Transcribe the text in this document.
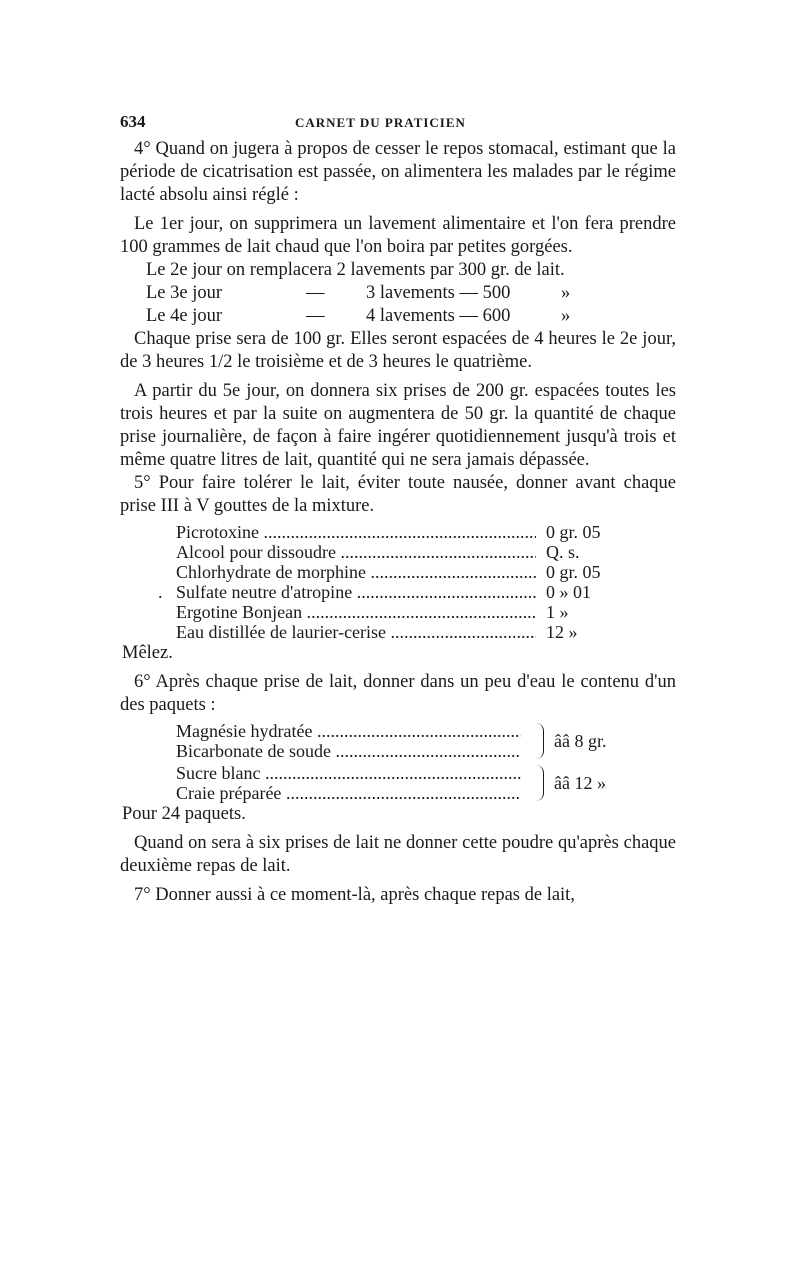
634	CARNET DU PRATICIEN

4° Quand on jugera à propos de cesser le repos stomacal, estimant que la période de cicatrisation est passée, on alimentera les malades par le régime lacté absolu ainsi réglé :

Le 1er jour, on supprimera un lavement alimentaire et l'on fera prendre 100 grammes de lait chaud que l'on boira par petites gorgées.

Le 2e jour
on remplacera 2 lavements par 300 gr.
de lait.
Le 3e jour	—	3 lavements — 500	»
Le 4e jour	—	4 lavements — 600	»

Chaque prise sera de 100 gr. Elles seront espacées de 4 heures le 2e jour, de 3 heures 1/2 le troisième et de 3 heures le quatrième.

A partir du 5e jour, on donnera six prises de 200 gr. espacées toutes les trois heures et par la suite on augmentera de 50 gr. la quantité de chaque prise journalière, de façon à faire ingérer quotidiennement jusqu'à trois et même quatre litres de lait, quantité qui ne sera jamais dépassée.

5° Pour faire tolérer le lait, éviter toute nausée, donner avant chaque prise III à V gouttes de la mixture.

Picrotoxine .....	0 gr. 05
Alcool pour dissoudre .....	Q. s.
Chlorhydrate de morphine .....	0 gr. 05
. Sulfate neutre d'atropine .....	0 » 01
Ergotine Bonjean .....	1 »
Eau distillée de laurier-cerise .....	12 »

Mêlez.

6° Après chaque prise de lait, donner dans un peu d'eau le contenu d'un des paquets :

Magnésie hydratée .....
Bicarbonate de soude .....
ââ 8 gr.
Sucre blanc .....
Craie préparée .....
ââ 12 »

Pour 24 paquets.

Quand on sera à six prises de lait ne donner cette poudre qu'après chaque deuxième repas de lait.

7° Donner aussi à ce moment-là, après chaque repas de lait,
